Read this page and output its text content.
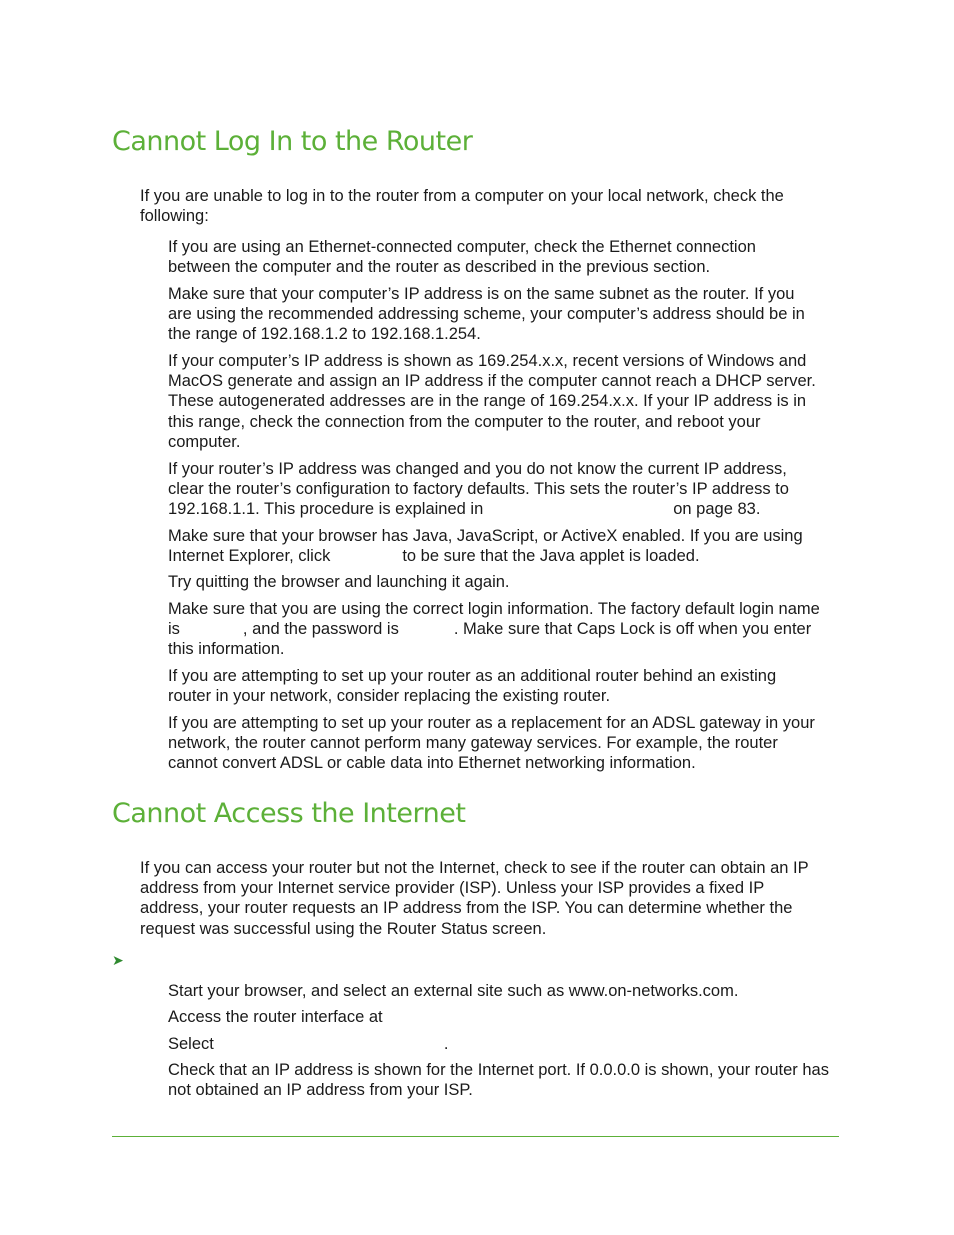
Cannot Log In to the Router

If you are unable to log in to the router from a computer on your local network, check the
following:

If you are using an Ethernet-connected computer, check the Ethernet connection
between the computer and the router as described in the previous section.

Make sure that your computer’s IP address is on the same subnet as the router. If you
are using the recommended addressing scheme, your computer’s address should be in
the range of 192.168.1.2 to 192.168.1.254.

If your computer’s IP address is shown as 169.254.x.x, recent versions of Windows and
MacOS generate and assign an IP address if the computer cannot reach a DHCP server.
These autogenerated addresses are in the range of 169.254.x.x. If your IP address is in
this range, check the connection from the computer to the router, and reboot your
computer.

If your router’s IP address was changed and you do not know the current IP address,
clear the router’s configuration to factory defaults. This sets the router’s IP address to
192.168.1.1. This procedure is explained in	on page 83.

Make sure that your browser has Java, JavaScript, or ActiveX enabled. If you are using
Internet Explorer, click	to be sure that the Java applet is loaded.

Try quitting the browser and launching it again.

Make sure that you are using the correct login information. The factory default login name
is	, and the password is	. Make sure that Caps Lock is off when you enter
this information.

If you are attempting to set up your router as an additional router behind an existing
router in your network, consider replacing the existing router.

If you are attempting to set up your router as a replacement for an ADSL gateway in your
network, the router cannot perform many gateway services. For example, the router
cannot convert ADSL or cable data into Ethernet networking information.

Cannot Access the Internet

If you can access your router but not the Internet, check to see if the router can obtain an IP
address from your Internet service provider (ISP). Unless your ISP provides a fixed IP
address, your router requests an IP address from the ISP. You can determine whether the
request was successful using the Router Status screen.

➤

Start your browser, and select an external site such as www.on-networks.com.

Access the router interface at

Select	.

Check that an IP address is shown for the Internet port. If 0.0.0.0 is shown, your router has
not obtained an IP address from your ISP.
